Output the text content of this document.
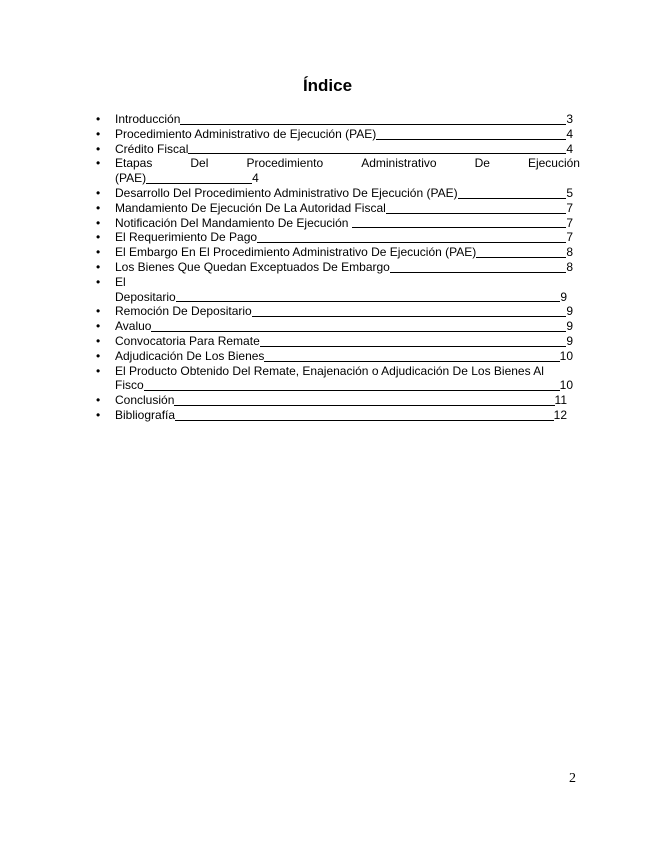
Índice
• Introducción	3
• Procedimiento Administrativo de Ejecución (PAE)	4
• Crédito Fiscal	4
• Etapas	Del	Procedimiento	Administrativo	De	Ejecución
(PAE)	4
• Desarrollo Del Procedimiento Administrativo De Ejecución (PAE)	5
• Mandamiento De Ejecución De La Autoridad Fiscal	7
• Notificación Del Mandamiento De Ejecución	7
• El Requerimiento De Pago	7
• El Embargo En El Procedimiento Administrativo De Ejecución (PAE)	8
• Los Bienes Que Quedan Exceptuados De Embargo	8
• El
Depositario	9
• Remoción De Depositario	9
• Avaluo	9
• Convocatoria Para Remate	9
• Adjudicación De Los Bienes	10
• El Producto Obtenido Del Remate, Enajenación o Adjudicación De Los Bienes Al
Fisco	10
• Conclusión	11
• Bibliografía	12
2
